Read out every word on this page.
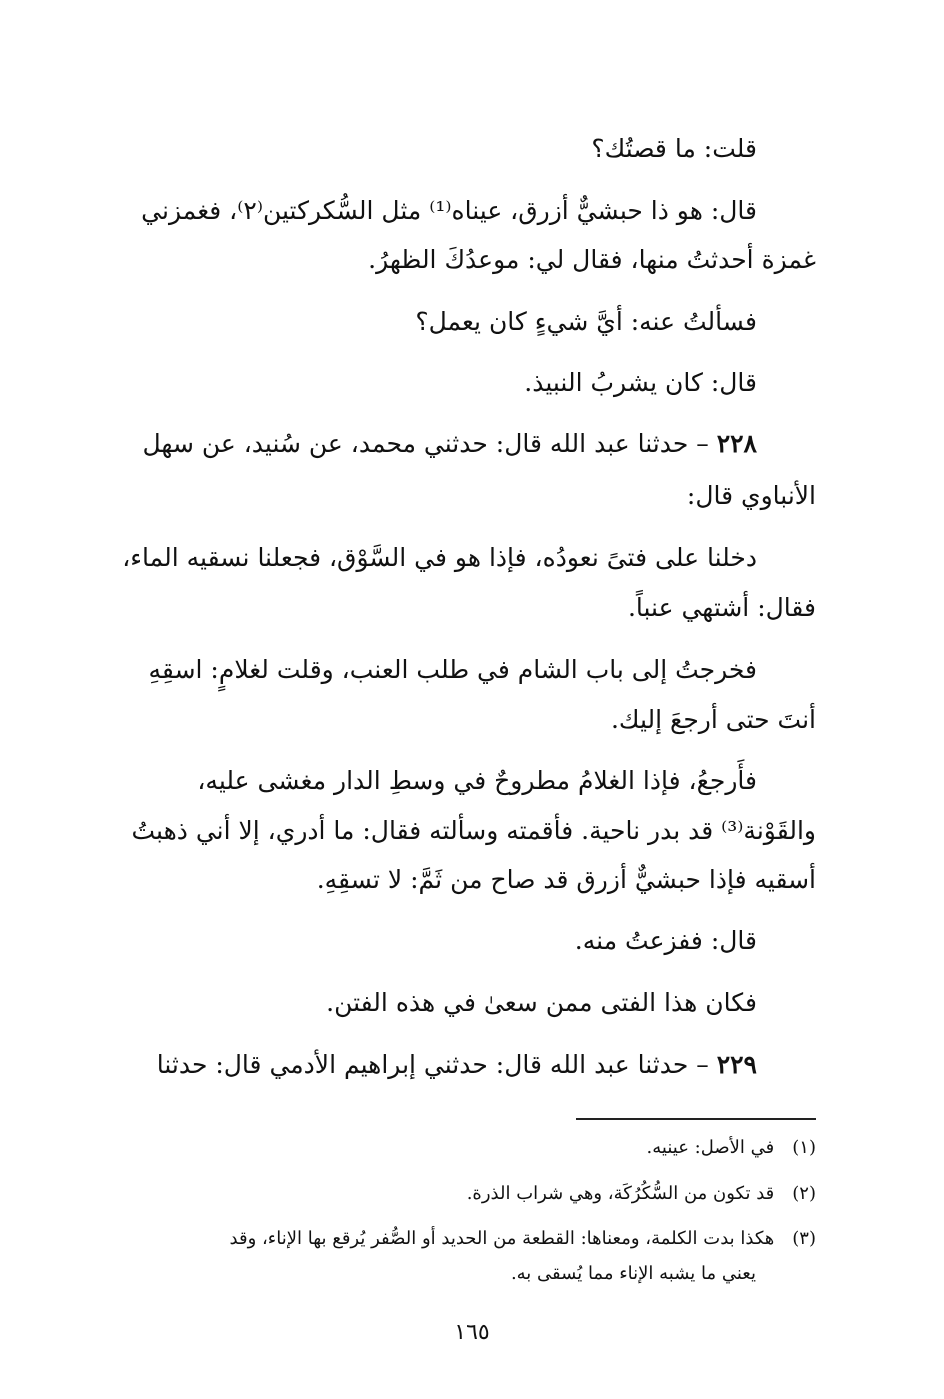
قلت: ما قصتُك؟
قال: هو ذا حبشيٌّ أزرق، عيناه⁽¹⁾ مثل السُّكركتين⁽٢⁾، فغمزني
غمزة أحدثتُ منها، فقال لي: موعدُكَ الظهرُ.
فسألتُ عنه: أيَّ شيءٍ كان يعمل؟
قال: كان يشربُ النبيذ.
٢٢٨ – حدثنا عبد الله قال: حدثني محمد، عن سُنيد، عن سهل
الأنباوي قال:
دخلنا على فتىً نعودُه، فإذا هو في السَّوْق، فجعلنا نسقيه الماء،
فقال: أشتهي عنباً.
فخرجتُ إلى باب الشام في طلب العنب، وقلت لغلامٍ: اسقِهِ
أنتَ حتى أرجعَ إليك.
فأَرجعُ، فإذا الغلامُ مطروحٌ في وسطِ الدار مغشى عليه،
والقَوْنة⁽³⁾ قد بدر ناحية. فأقمته وسألته فقال: ما أدري، إلا أني ذهبتُ
أسقيه فإذا حبشيٌّ أزرق قد صاح من ثَمَّ: لا تسقِهِ.
قال: ففزعتُ منه.
فكان هذا الفتى ممن سعىٰ في هذه الفتن.
٢٢٩ – حدثنا عبد الله قال: حدثني إبراهيم الأدمي قال: حدثنا
(١) في الأصل: عينيه.
(٢) قد تكون من السُّكُرُكَة، وهي شراب الذرة.
(٣) هكذا بدت الكلمة، ومعناها: القطعة من الحديد أو الصُّفر يُرقع بها الإناء، وقد
يعني ما يشبه الإناء مما يُسقى به.
١٦٥
